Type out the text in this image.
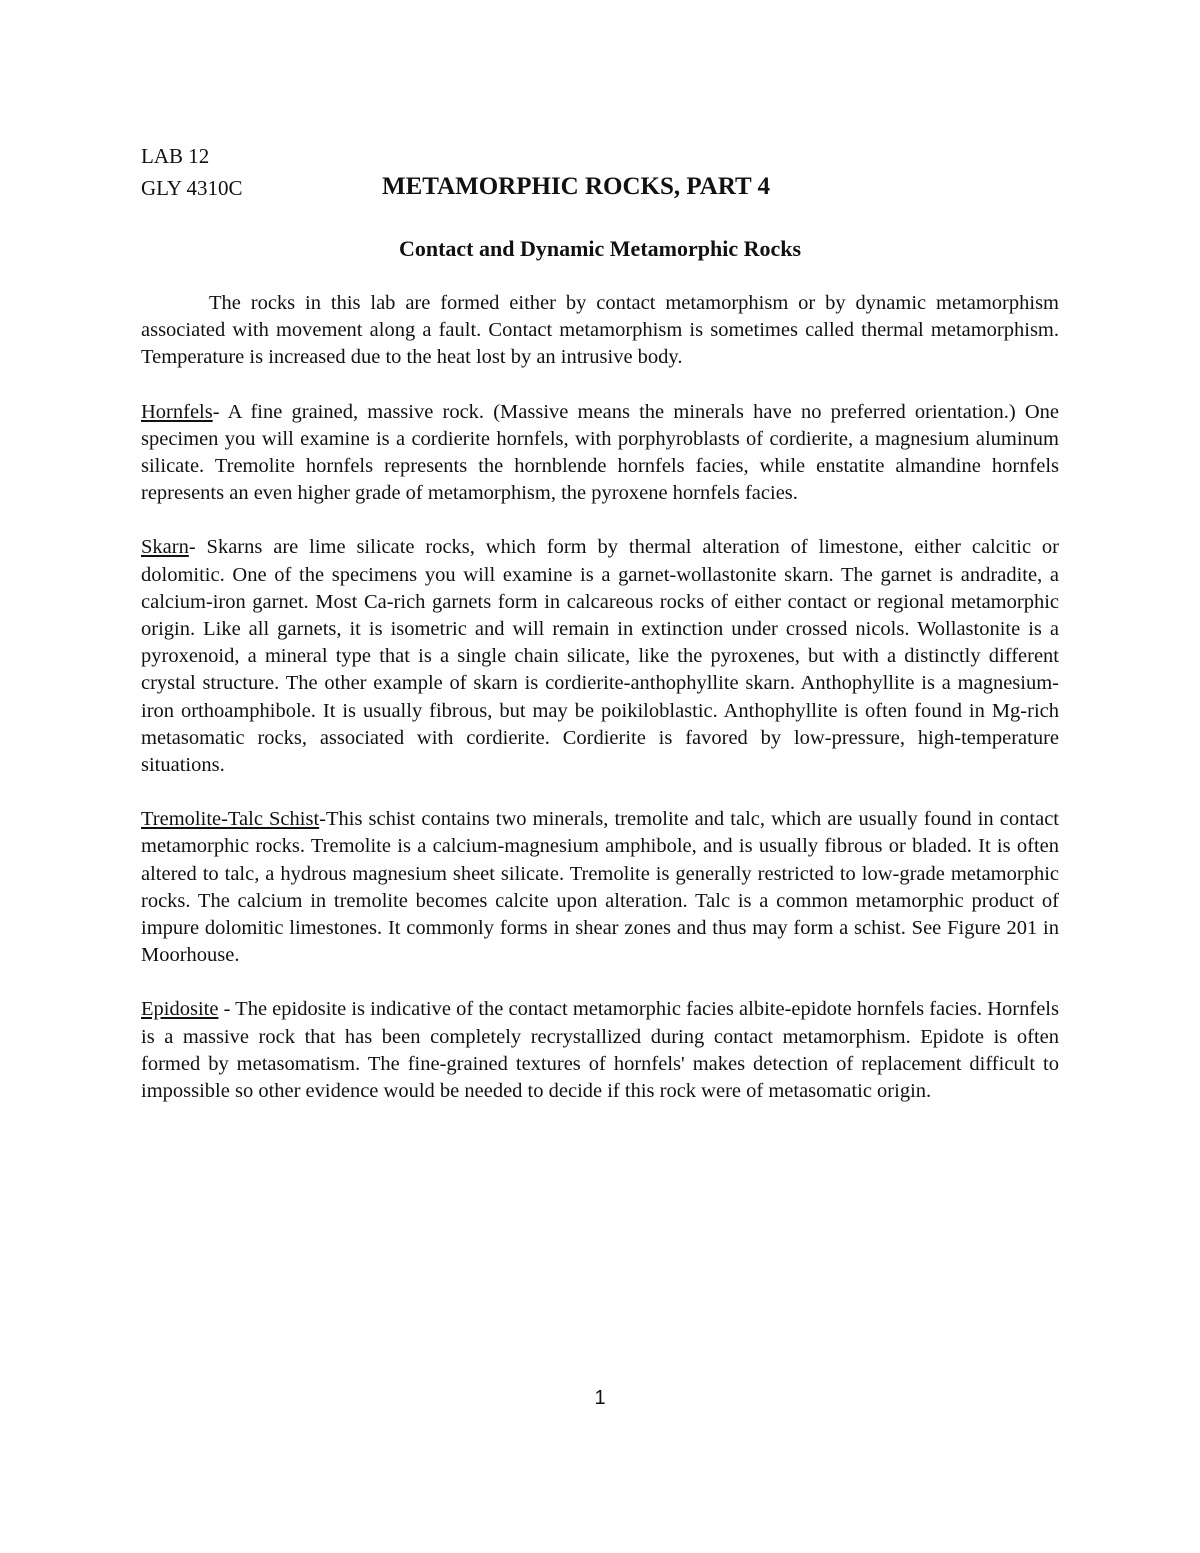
LAB 12
GLY 4310C	METAMORPHIC ROCKS, PART 4
Contact and Dynamic Metamorphic Rocks

The rocks in this lab are formed either by contact metamorphism or by dynamic metamorphism associated with movement along a fault. Contact metamorphism is sometimes called thermal metamorphism. Temperature is increased due to the heat lost by an intrusive body.

Hornfels- A fine grained, massive rock. (Massive means the minerals have no preferred orientation.) One specimen you will examine is a cordierite hornfels, with porphyroblasts of cordierite, a magnesium aluminum silicate. Tremolite hornfels represents the hornblende hornfels facies, while enstatite almandine hornfels represents an even higher grade of metamorphism, the pyroxene hornfels facies.

Skarn- Skarns are lime silicate rocks, which form by thermal alteration of limestone, either calcitic or dolomitic. One of the specimens you will examine is a garnet-wollastonite skarn. The garnet is andradite, a calcium-iron garnet. Most Ca-rich garnets form in calcareous rocks of either contact or regional metamorphic origin. Like all garnets, it is isometric and will remain in extinction under crossed nicols. Wollastonite is a pyroxenoid, a mineral type that is a single chain silicate, like the pyroxenes, but with a distinctly different crystal structure. The other example of skarn is cordierite-anthophyllite skarn. Anthophyllite is a magnesium-iron orthoamphibole. It is usually fibrous, but may be poikiloblastic. Anthophyllite is often found in Mg-rich metasomatic rocks, associated with cordierite. Cordierite is favored by low-pressure, high-temperature situations.

Tremolite-Talc Schist-This schist contains two minerals, tremolite and talc, which are usually found in contact metamorphic rocks. Tremolite is a calcium-magnesium amphibole, and is usually fibrous or bladed. It is often altered to talc, a hydrous magnesium sheet silicate. Tremolite is generally restricted to low-grade metamorphic rocks. The calcium in tremolite becomes calcite upon alteration. Talc is a common metamorphic product of impure dolomitic limestones. It commonly forms in shear zones and thus may form a schist. See Figure 201 in Moorhouse.

Epidosite - The epidosite is indicative of the contact metamorphic facies albite-epidote hornfels facies. Hornfels is a massive rock that has been completely recrystallized during contact metamorphism. Epidote is often formed by metasomatism. The fine-grained textures of hornfels' makes detection of replacement difficult to impossible so other evidence would be needed to decide if this rock were of metasomatic origin.

1
